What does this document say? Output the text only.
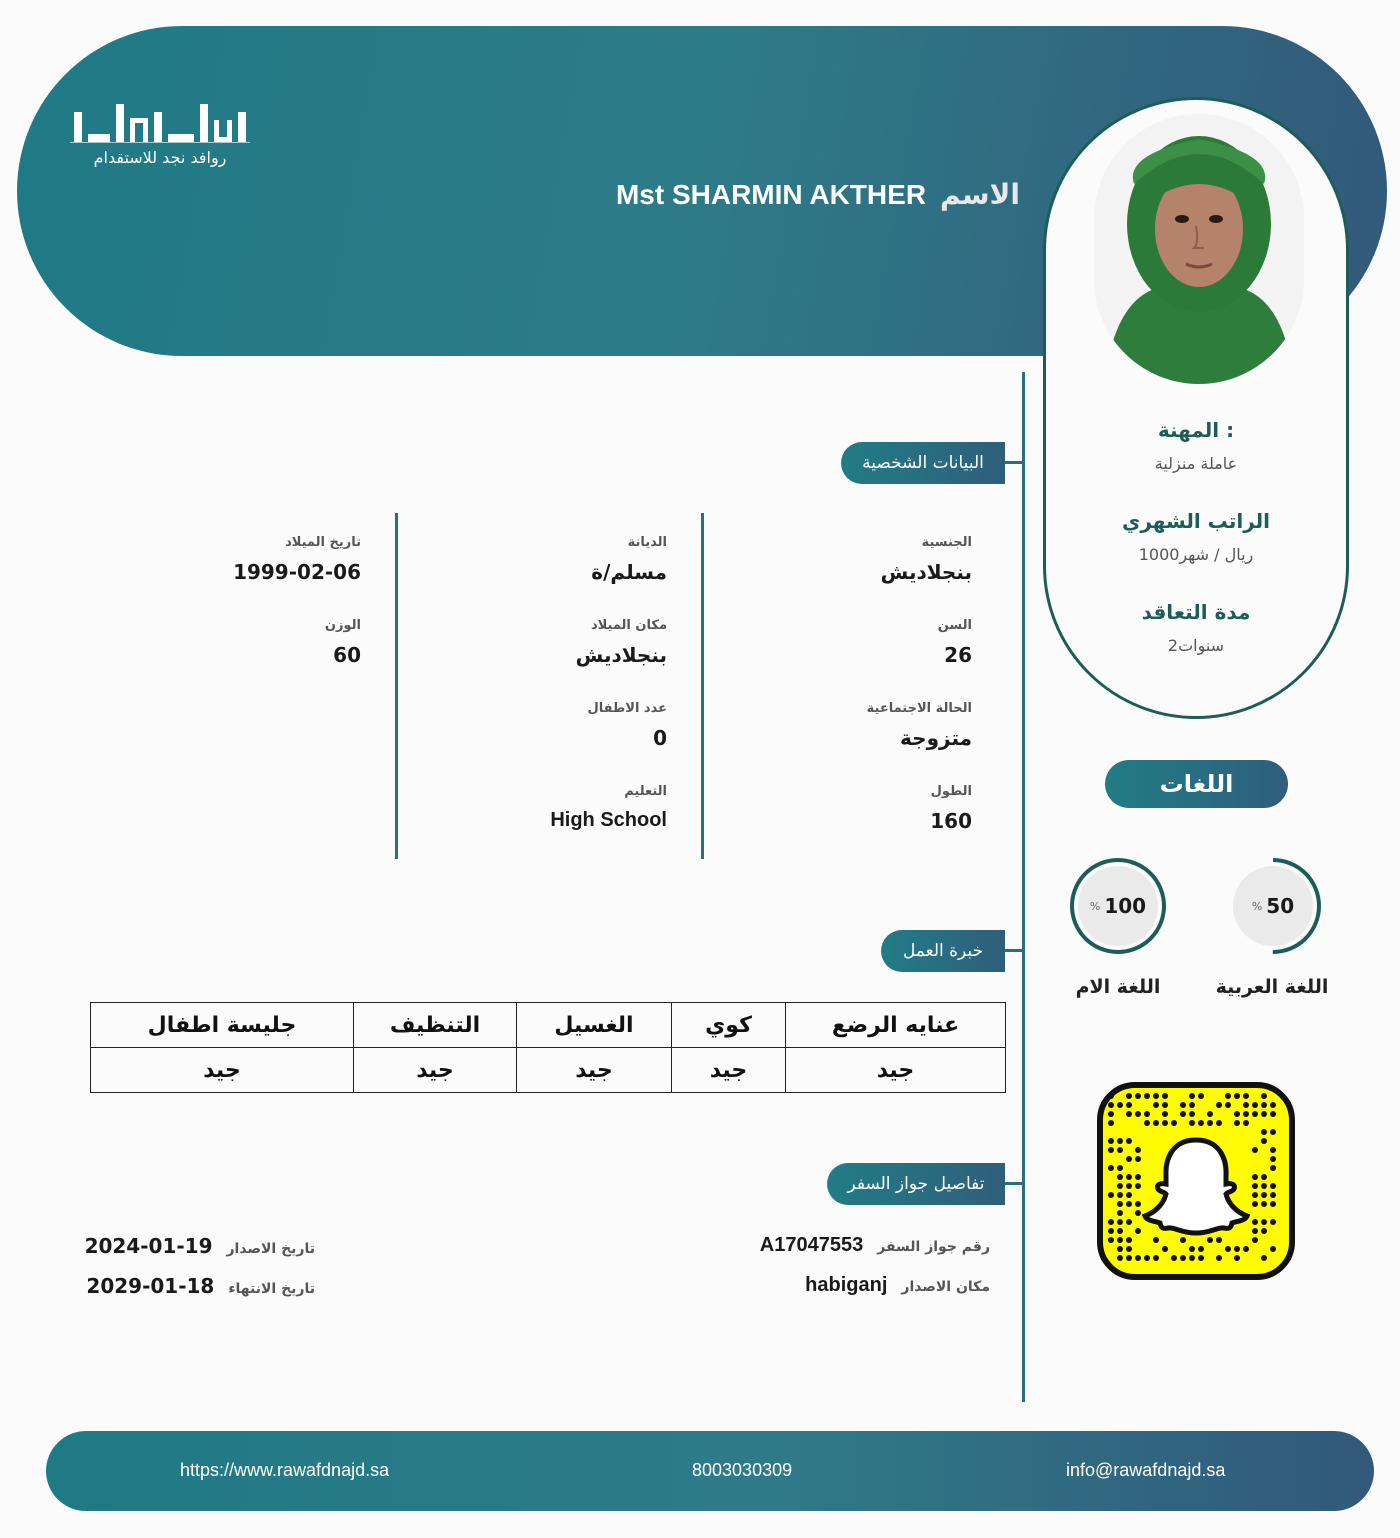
روافد نجد للاستقدام
الاسم
Mst SHARMIN AKTHER
المهنة :
عاملة منزلية
الراتب الشهري
1000ريال / شهر
مدة التعاقد
2سنوات
البيانات الشخصية
الجنسية
بنجلاديش
السن
26
الحالة الاجتماعية
متزوجة
الطول
160
الديانة
مسلم/ة
مكان الميلاد
بنجلاديش
عدد الاطفال
0
التعليم
High School
تاريخ الميلاد
1999-02-06
الوزن
60
خبرة العمل
عنايه الرضع	كوي	الغسيل	التنظيف	جليسة اطفال
جيد	جيد	جيد	جيد	جيد
تفاصيل جواز السفر
رقم جواز السفر
A17047553
مكان الاصدار
habiganj
تاريخ الاصدار
2024-01-19
تاريخ الانتهاء
2029-01-18
اللغات
% 50
اللغة العربية
% 100
اللغة الام
https://www.rawafdnajd.sa	8003030309	info@rawafdnajd.sa
